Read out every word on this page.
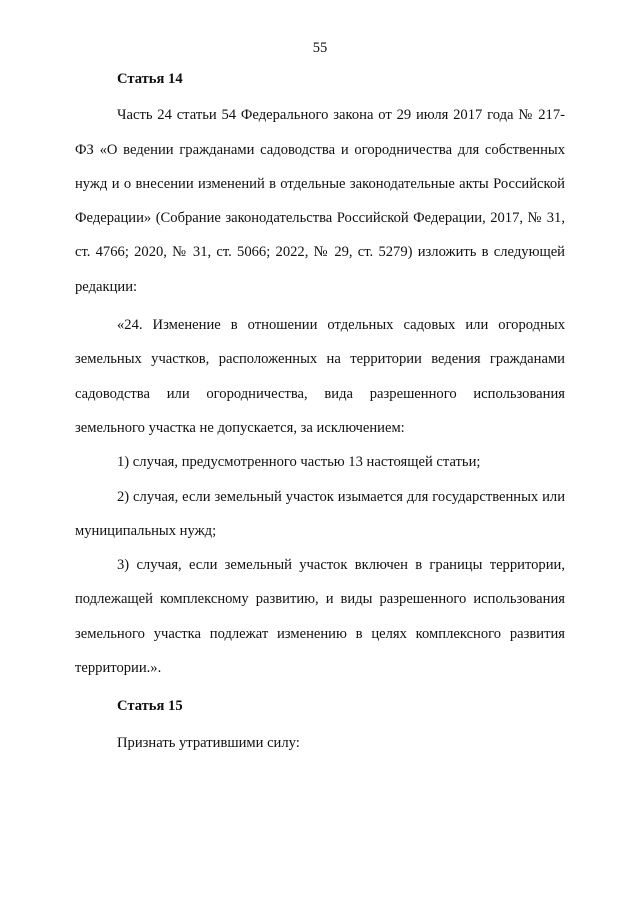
55

Статья 14

Часть 24 статьи 54 Федерального закона от 29 июля 2017 года № 217-ФЗ «О ведении гражданами садоводства и огородничества для собственных нужд и о внесении изменений в отдельные законодательные акты Российской Федерации» (Собрание законодательства Российской Федерации, 2017, № 31, ст. 4766; 2020, № 31, ст. 5066; 2022, № 29, ст. 5279) изложить в следующей редакции:

«24. Изменение в отношении отдельных садовых или огородных земельных участков, расположенных на территории ведения гражданами садоводства или огородничества, вида разрешенного использования земельного участка не допускается, за исключением:

1) случая, предусмотренного частью 13 настоящей статьи;

2) случая, если земельный участок изымается для государственных или муниципальных нужд;

3) случая, если земельный участок включен в границы территории, подлежащей комплексному развитию, и виды разрешенного использования земельного участка подлежат изменению в целях комплексного развития территории.».

Статья 15

Признать утратившими силу:
